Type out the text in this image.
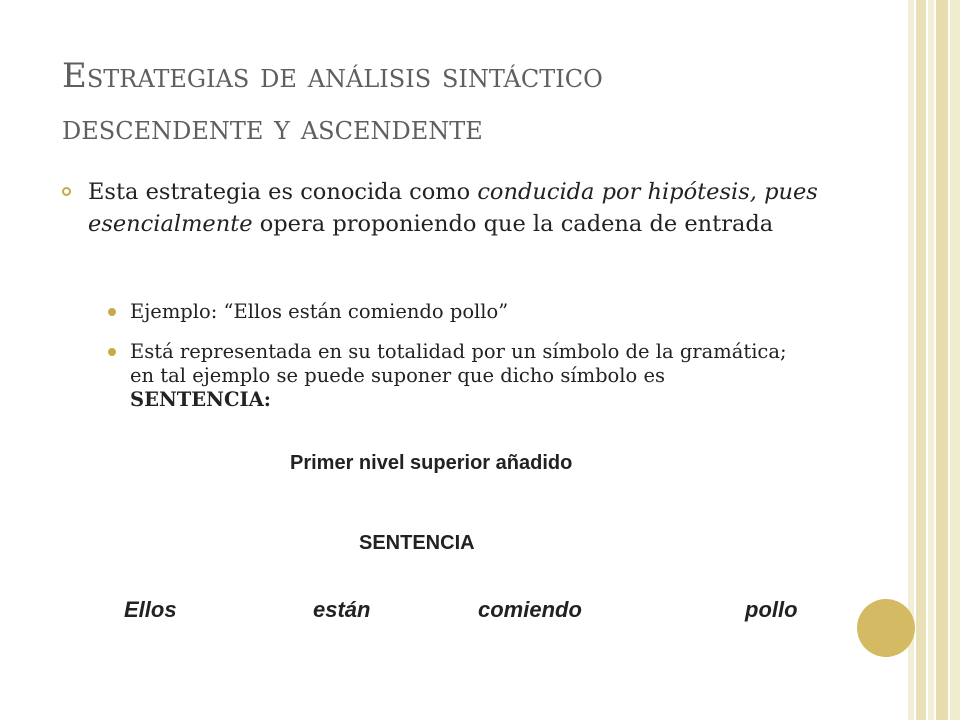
Estrategias de análisis sintáctico
descendente y ascendente
Esta estrategia es conocida como conducida por hipótesis, pues esencialmente opera proponiendo que la cadena de entrada
Ejemplo: “Ellos están comiendo pollo”
Está representada en su totalidad por un símbolo de la gramática; en tal ejemplo se puede suponer que dicho símbolo es SENTENCIA:
Primer nivel superior añadido
SENTENCIA
Ellos	están	comiendo	pollo
